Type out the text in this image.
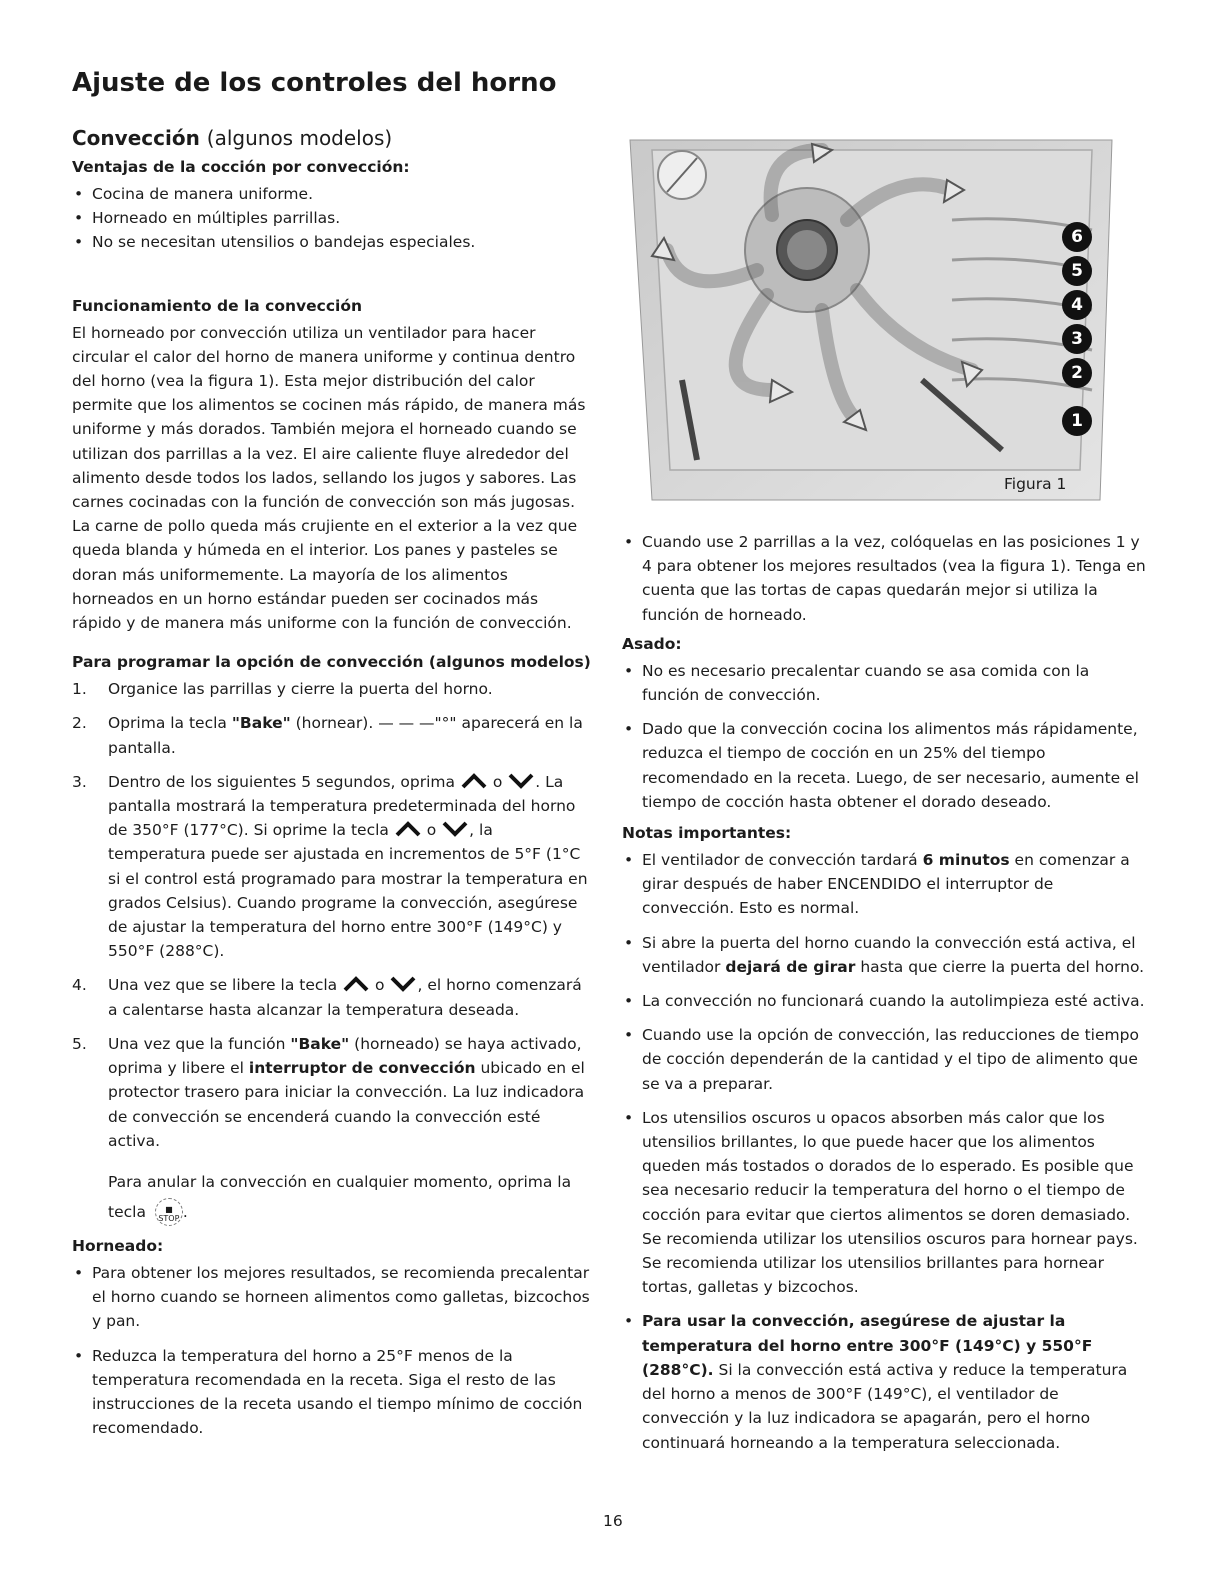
Ajuste de los controles del horno
Convección (algunos modelos)
Ventajas de la cocción por convección:
• Cocina de manera uniforme.
• Horneado en múltiples parrillas.
• No se necesitan utensilios o bandejas especiales.
Funcionamiento de la convección

El horneado por convección utiliza un ventilador para hacer circular el calor del horno de manera uniforme y continua dentro del horno (vea la figura 1). Esta mejor distribución del calor permite que los alimentos se cocinen más rápido, de manera más uniforme y más dorados. También mejora el horneado cuando se utilizan dos parrillas a la vez. El aire caliente fluye alrededor del alimento desde todos los lados, sellando los jugos y sabores. Las carnes cocinadas con la función de convección son más jugosas. La carne de pollo queda más crujiente en el exterior a la vez que queda blanda y húmeda en el interior. Los panes y pasteles se doran más uniformemente. La mayoría de los alimentos horneados en un horno estándar pueden ser cocinados más rápido y de manera más uniforme con la función de convección.

Para programar la opción de convección (algunos modelos)
1. Organice las parrillas y cierre la puerta del horno.
2. Oprima la tecla "Bake" (hornear). — — —"°" aparecerá en la pantalla.
3. Dentro de los siguientes 5 segundos, oprima  o . La pantalla mostrará la temperatura predeterminada del horno de 350°F (177°C). Si oprime la tecla  o , la temperatura puede ser ajustada en incrementos de 5°F (1°C si el control está programado para mostrar la temperatura en grados Celsius). Cuando programe la convección, asegúrese de ajustar la temperatura del horno entre 300°F (149°C) y 550°F (288°C).
4. Una vez que se libere la tecla  o , el horno comenzará a calentarse hasta alcanzar la temperatura deseada.
5. Una vez que la función "Bake" (horneado) se haya activado, oprima y libere el interruptor de convección ubicado en el protector trasero para iniciar la convección. La luz indicadora de convección se encenderá cuando la convección esté activa.
Para anular la convección en cualquier momento, oprima la tecla ■
STOP .
Horneado:
• Para obtener los mejores resultados, se recomienda precalentar el horno cuando se horneen alimentos como galletas, bizcochos y pan.
• Reduzca la temperatura del horno a 25°F menos de la temperatura recomendada en la receta. Siga el resto de las instrucciones de la receta usando el tiempo mínimo de cocción recomendado.
6
5
4
3
2
1
Figura 1
• Cuando use 2 parrillas a la vez, colóquelas en las posiciones 1 y 4 para obtener los mejores resultados (vea la figura 1). Tenga en cuenta que las tortas de capas quedarán mejor si utiliza la función de horneado.
Asado:
• No es necesario precalentar cuando se asa comida con la función de convección.
• Dado que la convección cocina los alimentos más rápidamente, reduzca el tiempo de cocción en un 25% del tiempo recomendado en la receta. Luego, de ser necesario, aumente el tiempo de cocción hasta obtener el dorado deseado.
Notas importantes:
• El ventilador de convección tardará 6 minutos en comenzar a girar después de haber ENCENDIDO el interruptor de convección. Esto es normal.
• Si abre la puerta del horno cuando la convección está activa, el ventilador dejará de girar hasta que cierre la puerta del horno.
• La convección no funcionará cuando la autolimpieza esté activa.
• Cuando use la opción de convección, las reducciones de tiempo de cocción dependerán de la cantidad y el tipo de alimento que se va a preparar.
• Los utensilios oscuros u opacos absorben más calor que los utensilios brillantes, lo que puede hacer que los alimentos queden más tostados o dorados de lo esperado. Es posible que sea necesario reducir la temperatura del horno o el tiempo de cocción para evitar que ciertos alimentos se doren demasiado. Se recomienda utilizar los utensilios oscuros para hornear pays. Se recomienda utilizar los utensilios brillantes para hornear tortas, galletas y bizcochos.
• Para usar la convección, asegúrese de ajustar la temperatura del horno entre 300°F (149°C) y 550°F (288°C). Si la convección está activa y reduce la temperatura del horno a menos de 300°F (149°C), el ventilador de convección y la luz indicadora se apagarán, pero el horno continuará horneando a la temperatura seleccionada.
16
